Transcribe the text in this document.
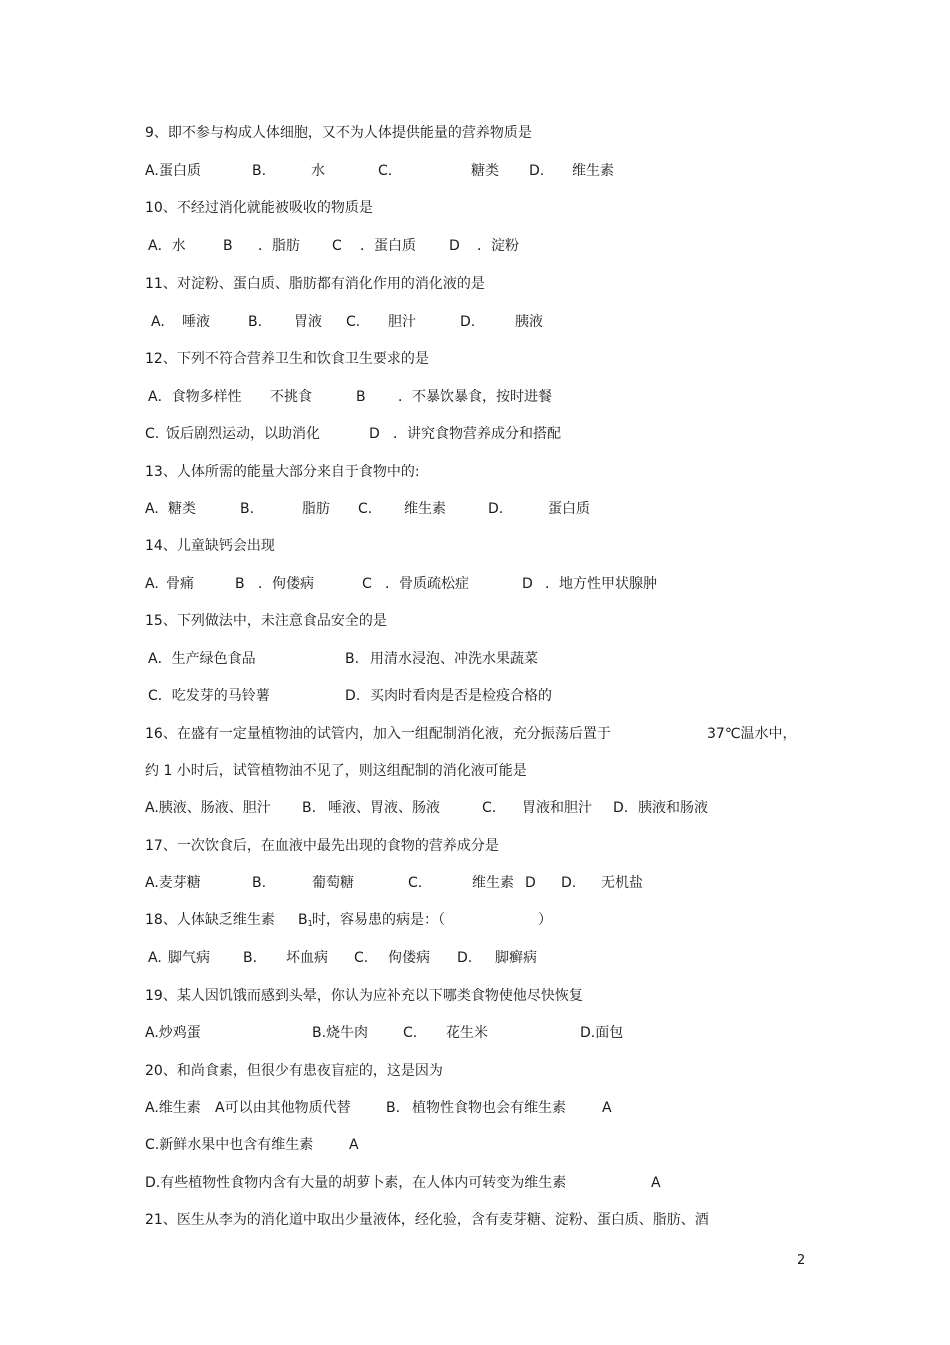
9、即不参与构成人体细胞，又不为人体提供能量的营养物质是
A. 蛋白质	B.	水	C.	糖类 D. 维生素
10、不经过消化就能被吸收的物质是
A．水	B ．脂肪 C ．蛋白质 D ．淀粉
11、对淀粉、蛋白质、脂肪都有消化作用的消化液的是
A. 唾液	B. 胃液 C. 胆汁	D.	胰液
12、下列不符合营养卫生和饮食卫生要求的是
A．食物多样性 不挑食	B ．不暴饮暴食，按时进餐
C. 饭后剧烈运动，以助消化	D ．讲究食物营养成分和搭配
13、人体所需的能量大部分来自于食物中的:
A. 糖类	B.	脂肪 C. 维生素	D.	蛋白质
14、儿童缺钙会出现
A. 骨痛	B ．佝偻病	C ．骨质疏松症	D ．地方性甲状腺肿
15、下列做法中，未注意食品安全的是
A．生产绿色食品	B. 用清水浸泡、冲洗水果蔬菜
C．吃发芽的马铃薯	D. 买肉时看肉是否是检疫合格的
16、在盛有一定量植物油的试管内，加入一组配制消化液，充分振荡后置于	37℃温水中，
约 1 小时后，试管植物油不见了，则这组配制的消化液可能是
A.胰液、肠液、胆汁 B. 唾液、胃液、肠液	C. 胃液和胆汁 D. 胰液和肠液
17、一次饮食后，在血液中最先出现的食物的营养成分是
A.麦芽糖	B.	葡萄糖	C.	维生素 D D. 无机盐
18、人体缺乏维生素 $B_1$ 时，容易患的病是：（	）
A. 脚气病 B. 坏血病 C. 佝偻病 D. 脚癣病
19、某人因饥饿而感到头晕，你认为应补充以下哪类食物使他尽快恢复
A.炒鸡蛋	B.烧牛肉 C. 花生米	D.面包
20、和尚食素，但很少有患夜盲症的，这是因为
A.维生素 A可以由其他物质代替	B. 植物性食物也会有维生素	A
C.新鲜水果中也含有维生素	A
D.有些植物性食物内含有大量的胡萝卜素，在人体内可转变为维生素	A
21、医生从李为的消化道中取出少量液体，经化验，含有麦芽糖、淀粉、蛋白质、脂肪、酒
2
